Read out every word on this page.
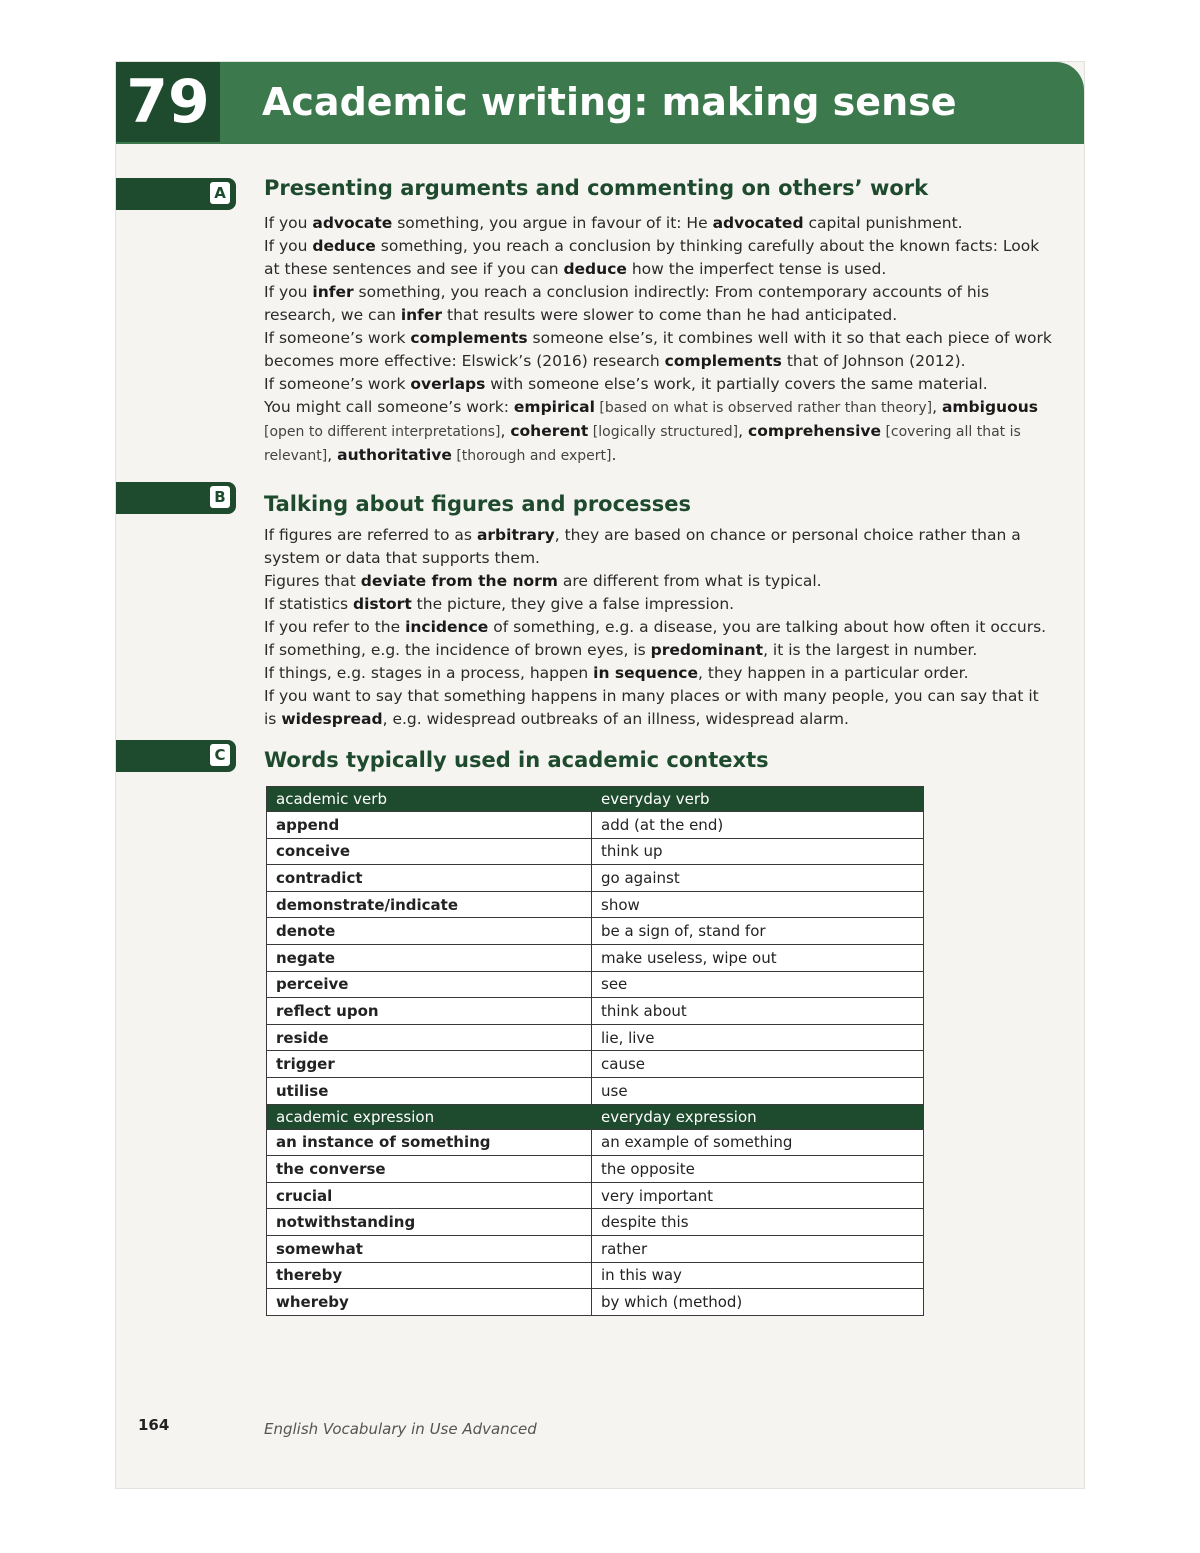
79 Academic writing: making sense
A Presenting arguments and commenting on others’ work

If you advocate something, you argue in favour of it: He advocated capital punishment.

If you deduce something, you reach a conclusion by thinking carefully about the known facts: Look at these sentences and see if you can deduce how the imperfect tense is used.

If you infer something, you reach a conclusion indirectly: From contemporary accounts of his research, we can infer that results were slower to come than he had anticipated.

If someone’s work complements someone else’s, it combines well with it so that each piece of work becomes more effective: Elswick’s (2016) research complements that of Johnson (2012).

If someone’s work overlaps with someone else’s work, it partially covers the same material.

You might call someone’s work: empirical [based on what is observed rather than theory], ambiguous [open to different interpretations], coherent [logically structured], comprehensive [covering all that is relevant], authoritative [thorough and expert].

B Talking about figures and processes

If figures are referred to as arbitrary, they are based on chance or personal choice rather than a system or data that supports them.

Figures that deviate from the norm are different from what is typical.

If statistics distort the picture, they give a false impression.

If you refer to the incidence of something, e.g. a disease, you are talking about how often it occurs.

If something, e.g. the incidence of brown eyes, is predominant, it is the largest in number.

If things, e.g. stages in a process, happen in sequence, they happen in a particular order.

If you want to say that something happens in many places or with many people, you can say that it is widespread, e.g. widespread outbreaks of an illness, widespread alarm.

C Words typically used in academic contexts
academic verb	everyday verb
append	add (at the end)
conceive	think up
contradict	go against
demonstrate/indicate	show
denote	be a sign of, stand for
negate	make useless, wipe out
perceive	see
reflect upon	think about
reside	lie, live
trigger	cause
utilise	use
academic expression	everyday expression
an instance of something	an example of something
the converse	the opposite
crucial	very important
notwithstanding	despite this
somewhat	rather
thereby	in this way
whereby	by which (method)
164	English Vocabulary in Use Advanced
